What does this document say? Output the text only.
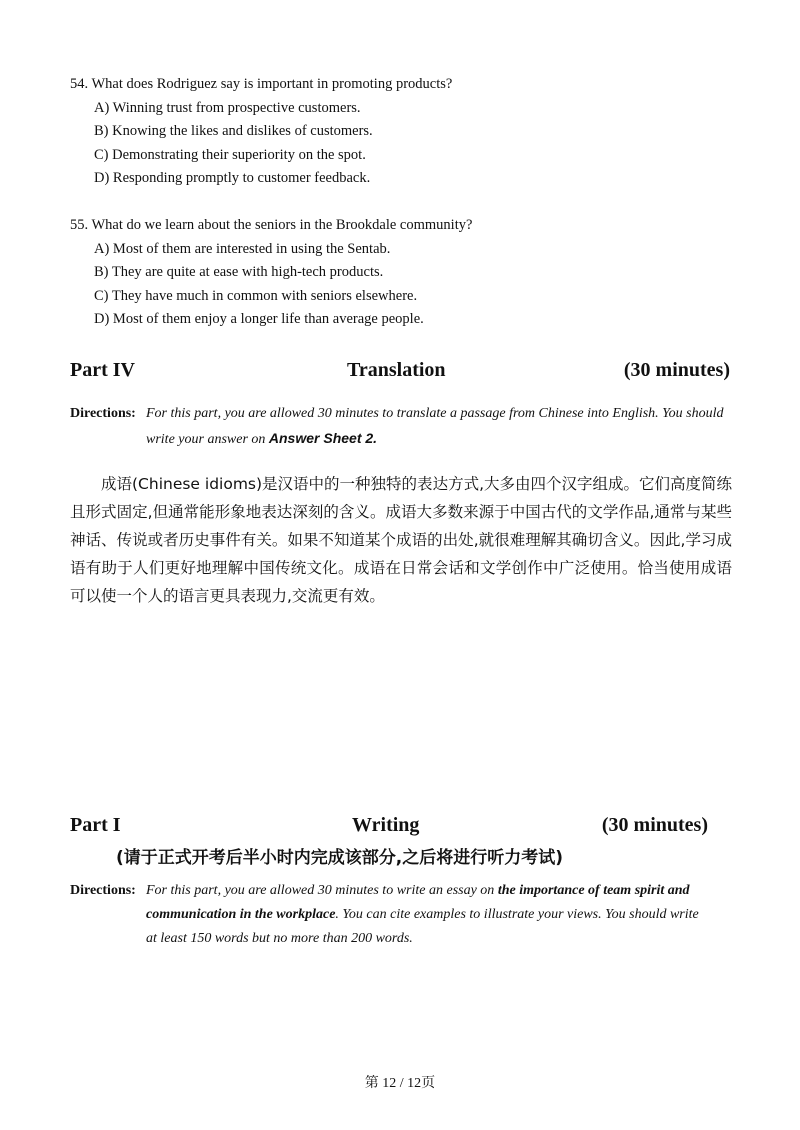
54. What does Rodriguez say is important in promoting products?

A) Winning trust from prospective customers.

B) Knowing the likes and dislikes of customers.

C) Demonstrating their superiority on the spot.

D) Responding promptly to customer feedback.

55. What do we learn about the seniors in the Brookdale community?

A) Most of them are interested in using the Sentab.

B) They are quite at ease with high-tech products.

C) They have much in common with seniors elsewhere.

D) Most of them enjoy a longer life than average people.

Part IV	Translation	(30 minutes)
Directions: For this part, you are allowed 30 minutes to translate a passage from Chinese into English. You should write your answer on Answer Sheet 2.

成语(Chinese idioms)是汉语中的一种独特的表达方式,大多由四个汉字组成。它们高度简练且形式固定,但通常能形象地表达深刻的含义。成语大多数来源于中国古代的文学作品,通常与某些神话、传说或者历史事件有关。如果不知道某个成语的出处,就很难理解其确切含义。因此,学习成语有助于人们更好地理解中国传统文化。成语在日常会话和文学创作中广泛使用。恰当使用成语可以使一个人的语言更具表现力,交流更有效。

Part I	Writing	(30 minutes)
(请于正式开考后半小时内完成该部分,之后将进行听力考试)
Directions: For this part, you are allowed 30 minutes to write an essay on the importance of team spirit and communication in the workplace. You can cite examples to illustrate your views. You should write at least 150 words but no more than 200 words.
第 12 / 12页
